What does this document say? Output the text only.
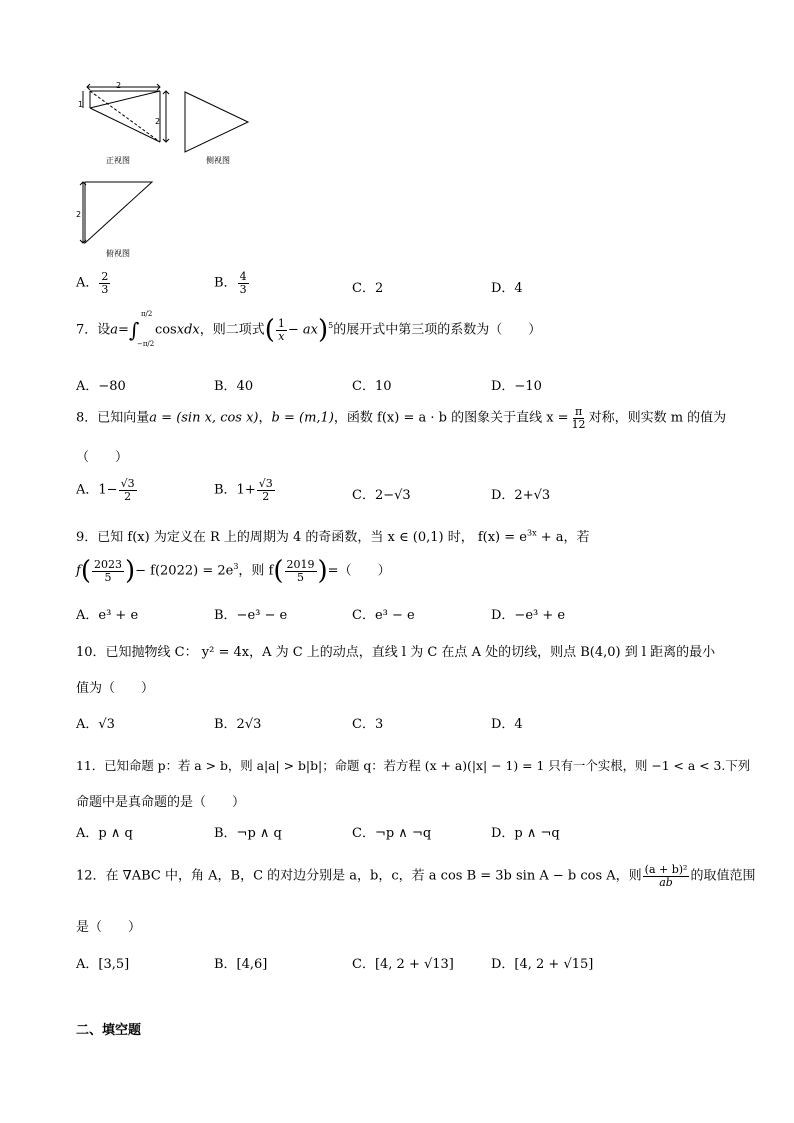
2
1
2
正视图	侧视图
2
俯视图
A． $\frac{2}{3}$	B． $\frac{4}{3}$	C．2	D．4
7．设a=∫
π/2
−π/2
cosxdx，则二项式( $\frac{1}{x} - ax)^5$的展开式中第三项的系数为（　　）
A．−80	B．40	C．10	D．−10
8．已知向量a = (sin x, cos x)，b = (m,1)，函数 f(x) = a · b 的图象关于直线 $x = \frac{\pi}{12}$ 对称，则实数 m 的值为
（　　）
A．$1- \frac{√3}{2}$	B．$1+ \frac{√3}{2}$	C．2−√3	D．2+√3
9．已知 f(x) 为定义在 R 上的周期为 4 的奇函数，当 x ∈ (0,1) 时， $f(x) = e^{3x} + a$，若
$f( \frac{2023}{5}$ )− $f(2022) = 2e^3$，则 $f( \frac{2019}{5}$ )=（　　）
A．e³ + e	B．−e³ − e	C．e³ − e	D．−e³ + e
10．已知抛物线 C： y² = 4x，A 为 C 上的动点，直线 l 为 C 在点 A 处的切线，则点 B(4,0) 到 l 距离的最小
值为（　　）
A．√3	B．2√3	C．3	D．4
11．已知命题 p：若 a > b，则 a|a| > b|b|；命题 q：若方程 (x + a)(|x| − 1) = 1 只有一个实根，则 −1 < a < 3.下列
命题中是真命题的是（　　）
A．p ∧ q	B．¬p ∧ q	C．¬p ∧ ¬q	D．p ∧ ¬q
12．在 ∇ABC 中，角 A，B，C 的对边分别是 a，b，c，若 a cos B = 3b sin A − b cos A，则 $\frac{\text{(a + b)²}}{ab}$ 的取值范围
是（　　）
A．[3,5]	B．[4,6]	C．[4, 2 + √13]	D．[4, 2 + √15]
二、填空题
